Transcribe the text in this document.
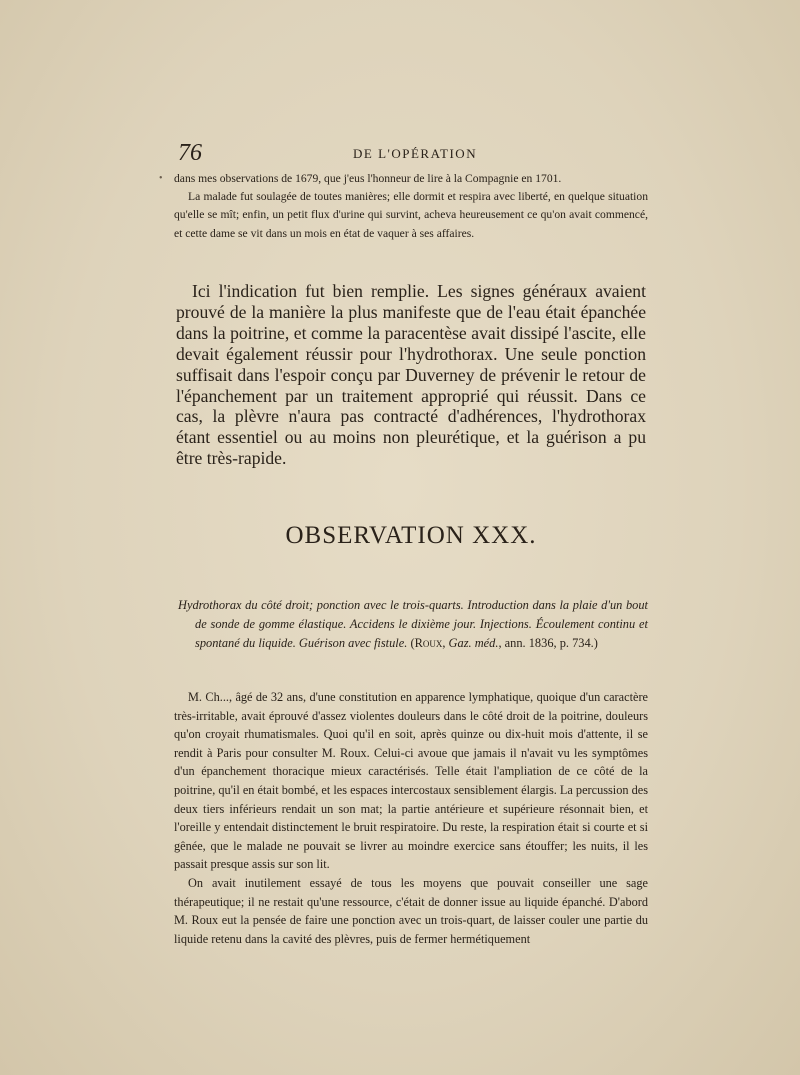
•
76	DE L'OPÉRATION

dans mes observations de 1679, que j'eus l'honneur de lire à la Compagnie en 1701.

La malade fut soulagée de toutes manières; elle dormit et respira avec liberté, en quelque situation qu'elle se mît; enfin, un petit flux d'urine qui survint, acheva heureusement ce qu'on avait commencé, et cette dame se vit dans un mois en état de vaquer à ses affaires.

Ici l'indication fut bien remplie. Les signes généraux avaient prouvé de la manière la plus manifeste que de l'eau était épanchée dans la poitrine, et comme la paracentèse avait dissipé l'ascite, elle devait également réussir pour l'hydrothorax. Une seule ponction suffisait dans l'espoir conçu par Duverney de prévenir le retour de l'épanchement par un traitement approprié qui réussit. Dans ce cas, la plèvre n'aura pas contracté d'adhérences, l'hydrothorax étant essentiel ou au moins non pleurétique, et la guérison a pu être très-rapide.

OBSERVATION XXX.

Hydrothorax du côté droit; ponction avec le trois-quarts. Introduction dans la plaie d'un bout de sonde de gomme élastique. Accidens le dixième jour. Injections. Écoulement continu et spontané du liquide. Guérison avec fistule. (Roux, Gaz. méd., ann. 1836, p. 734.)

M. Ch..., âgé de 32 ans, d'une constitution en apparence lymphatique, quoique d'un caractère très-irritable, avait éprouvé d'assez violentes douleurs dans le côté droit de la poitrine, douleurs qu'on croyait rhumatismales. Quoi qu'il en soit, après quinze ou dix-huit mois d'attente, il se rendit à Paris pour consulter M. Roux. Celui-ci avoue que jamais il n'avait vu les symptômes d'un épanchement thoracique mieux caractérisés. Telle était l'ampliation de ce côté de la poitrine, qu'il en était bombé, et les espaces intercostaux sensiblement élargis. La percussion des deux tiers inférieurs rendait un son mat; la partie antérieure et supérieure résonnait bien, et l'oreille y entendait distinctement le bruit respiratoire. Du reste, la respiration était si courte et si gênée, que le malade ne pouvait se livrer au moindre exercice sans étouffer; les nuits, il les passait presque assis sur son lit.

On avait inutilement essayé de tous les moyens que pouvait conseiller une sage thérapeutique; il ne restait qu'une ressource, c'était de donner issue au liquide épanché. D'abord M. Roux eut la pensée de faire une ponction avec un trois-quart, de laisser couler une partie du liquide retenu dans la cavité des plèvres, puis de fermer hermétiquement
